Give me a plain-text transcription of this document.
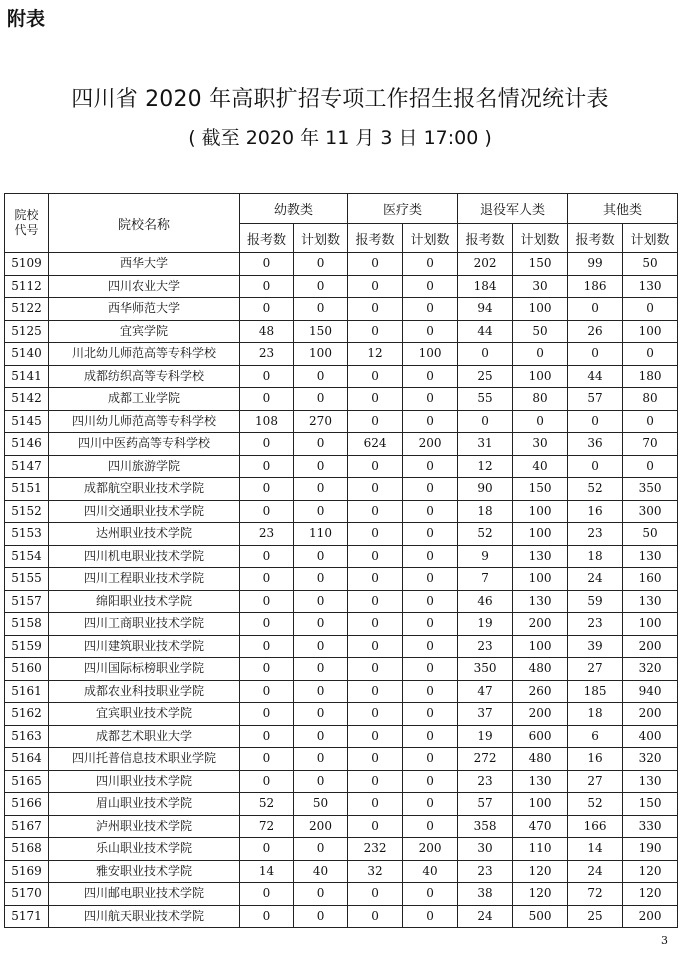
附表
四川省 2020 年高职扩招专项工作招生报名情况统计表
( 截至 2020 年 11 月 3 日 17:00 )
院校
代号	院校名称	幼教类		医疗类		退役军人类		其他类	
		报考数	计划数	报考数	计划数	报考数	计划数	报考数	计划数
5109	西华大学	0	0	0	0	202	150	99	50
5112	四川农业大学	0	0	0	0	184	30	186	130
5122	西华师范大学	0	0	0	0	94	100	0	0
5125	宜宾学院	48	150	0	0	44	50	26	100
5140	川北幼儿师范高等专科学校	23	100	12	100	0	0	0	0
5141	成都纺织高等专科学校	0	0	0	0	25	100	44	180
5142	成都工业学院	0	0	0	0	55	80	57	80
5145	四川幼儿师范高等专科学校	108	270	0	0	0	0	0	0
5146	四川中医药高等专科学校	0	0	624	200	31	30	36	70
5147	四川旅游学院	0	0	0	0	12	40	0	0
5151	成都航空职业技术学院	0	0	0	0	90	150	52	350
5152	四川交通职业技术学院	0	0	0	0	18	100	16	300
5153	达州职业技术学院	23	110	0	0	52	100	23	50
5154	四川机电职业技术学院	0	0	0	0	9	130	18	130
5155	四川工程职业技术学院	0	0	0	0	7	100	24	160
5157	绵阳职业技术学院	0	0	0	0	46	130	59	130
5158	四川工商职业技术学院	0	0	0	0	19	200	23	100
5159	四川建筑职业技术学院	0	0	0	0	23	100	39	200
5160	四川国际标榜职业学院	0	0	0	0	350	480	27	320
5161	成都农业科技职业学院	0	0	0	0	47	260	185	940
5162	宜宾职业技术学院	0	0	0	0	37	200	18	200
5163	成都艺术职业大学	0	0	0	0	19	600	6	400
5164	四川托普信息技术职业学院	0	0	0	0	272	480	16	320
5165	四川职业技术学院	0	0	0	0	23	130	27	130
5166	眉山职业技术学院	52	50	0	0	57	100	52	150
5167	泸州职业技术学院	72	200	0	0	358	470	166	330
5168	乐山职业技术学院	0	0	232	200	30	110	14	190
5169	雅安职业技术学院	14	40	32	40	23	120	24	120
5170	四川邮电职业技术学院	0	0	0	0	38	120	72	120
5171	四川航天职业技术学院	0	0	0	0	24	500	25	200
3
